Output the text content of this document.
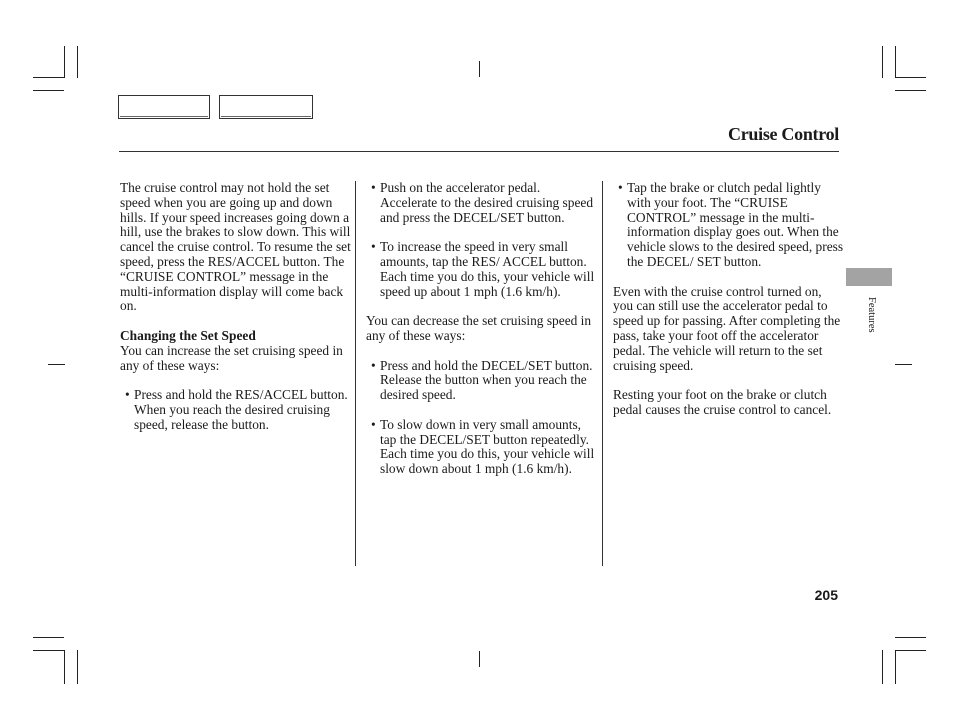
Cruise Control

The cruise control may not hold the set speed when you are going up and down hills. If your speed increases going down a hill, use the brakes to slow down. This will cancel the cruise control. To resume the set speed, press the RES/ACCEL button. The “CRUISE CONTROL” message in the multi-information display will come back on.

Changing the Set Speed

You can increase the set cruising speed in any of these ways:

• Press and hold the RES/ACCEL button. When you reach the desired cruising speed, release the button.
• Push on the accelerator pedal. Accelerate to the desired cruising speed and press the DECEL/SET button.
• To increase the speed in very small amounts, tap the RES/ ACCEL button. Each time you do this, your vehicle will speed up about 1 mph (1.6 km/h).

You can decrease the set cruising speed in any of these ways:

• Press and hold the DECEL/SET button. Release the button when you reach the desired speed.
• To slow down in very small amounts, tap the DECEL/SET button repeatedly. Each time you do this, your vehicle will slow down about 1 mph (1.6 km/h).
• Tap the brake or clutch pedal lightly with your foot. The “CRUISE CONTROL” message in the multi-information display goes out. When the vehicle slows to the desired speed, press the DECEL/ SET button.

Even with the cruise control turned on, you can still use the accelerator pedal to speed up for passing. After completing the pass, take your foot off the accelerator pedal. The vehicle will return to the set cruising speed.

Resting your foot on the brake or clutch pedal causes the cruise control to cancel.

Features
205
